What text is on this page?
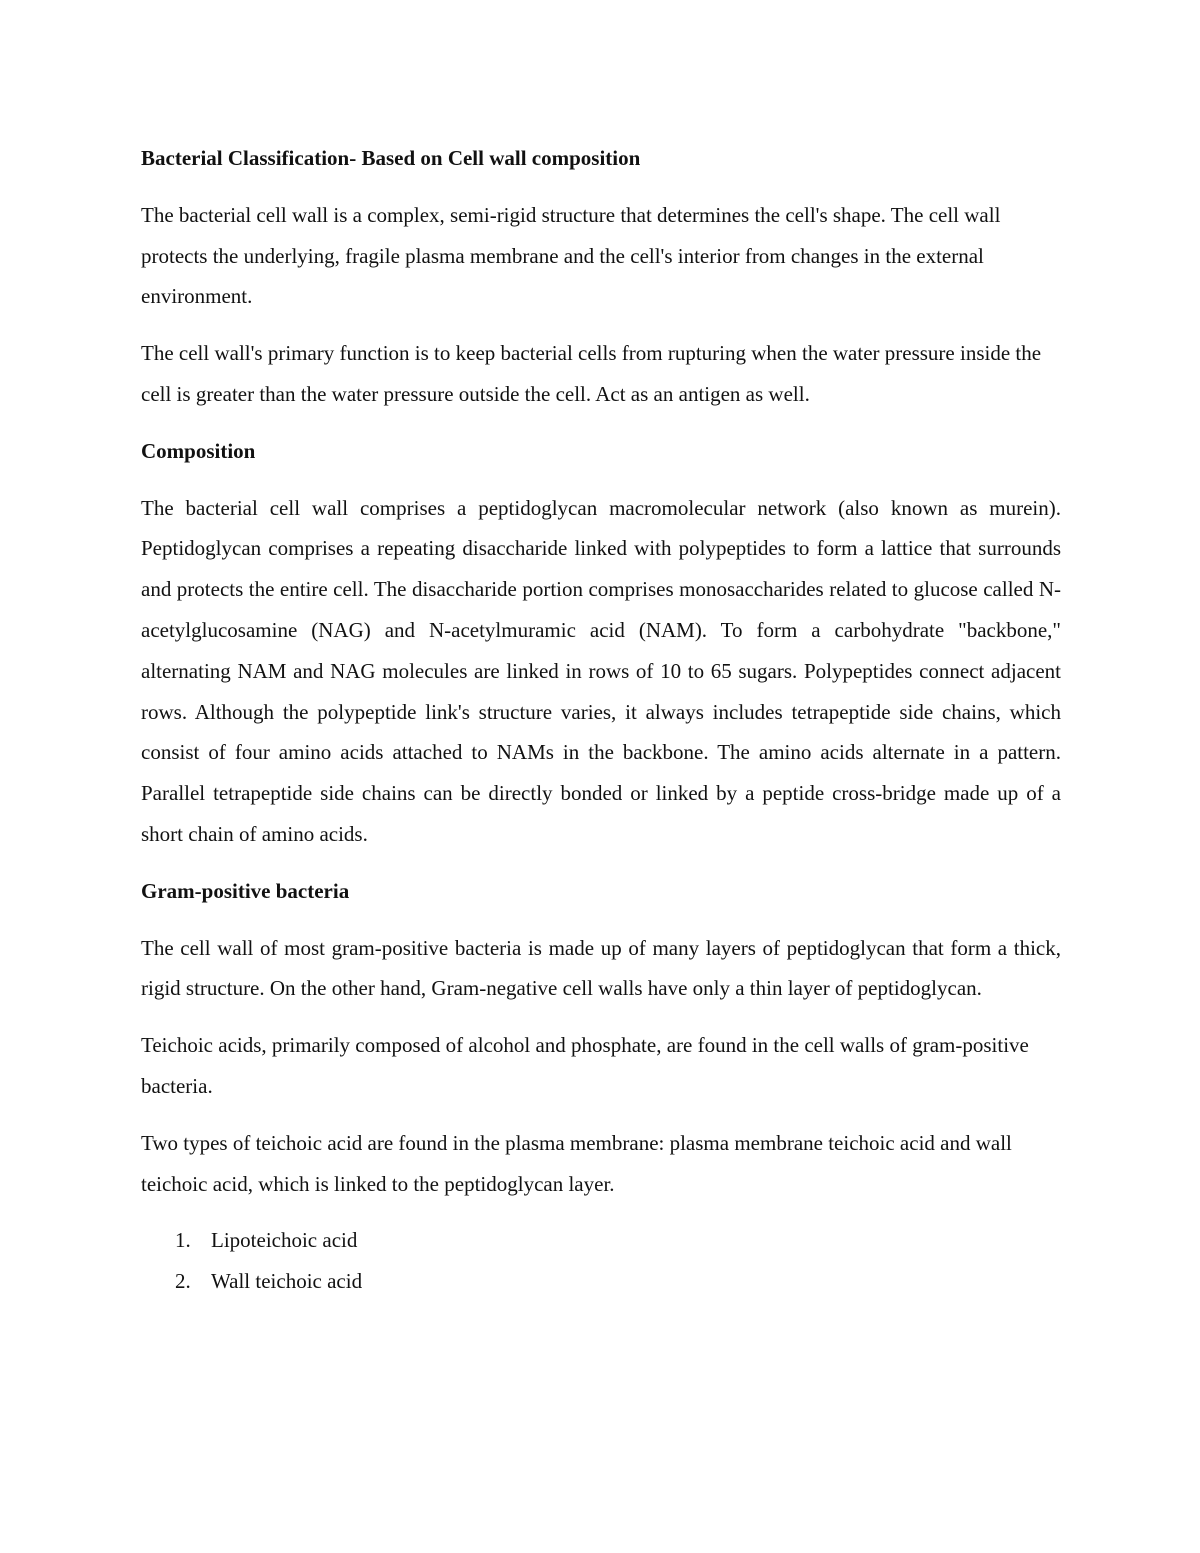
Bacterial Classification- Based on Cell wall composition

The bacterial cell wall is a complex, semi-rigid structure that determines the cell's shape. The cell wall protects the underlying, fragile plasma membrane and the cell's interior from changes in the external environment.

The cell wall's primary function is to keep bacterial cells from rupturing when the water pressure inside the cell is greater than the water pressure outside the cell. Act as an antigen as well.

Composition

The bacterial cell wall comprises a peptidoglycan macromolecular network (also known as murein). Peptidoglycan comprises a repeating disaccharide linked with polypeptides to form a lattice that surrounds and protects the entire cell. The disaccharide portion comprises monosaccharides related to glucose called N-acetylglucosamine (NAG) and N-acetylmuramic acid (NAM). To form a carbohydrate "backbone," alternating NAM and NAG molecules are linked in rows of 10 to 65 sugars. Polypeptides connect adjacent rows. Although the polypeptide link's structure varies, it always includes tetrapeptide side chains, which consist of four amino acids attached to NAMs in the backbone. The amino acids alternate in a pattern. Parallel tetrapeptide side chains can be directly bonded or linked by a peptide cross-bridge made up of a short chain of amino acids.

Gram-positive bacteria

The cell wall of most gram-positive bacteria is made up of many layers of peptidoglycan that form a thick, rigid structure. On the other hand, Gram-negative cell walls have only a thin layer of peptidoglycan.

Teichoic acids, primarily composed of alcohol and phosphate, are found in the cell walls of gram-positive bacteria.

Two types of teichoic acid are found in the plasma membrane: plasma membrane teichoic acid and wall teichoic acid, which is linked to the peptidoglycan layer.

1. Lipoteichoic acid
2. Wall teichoic acid
